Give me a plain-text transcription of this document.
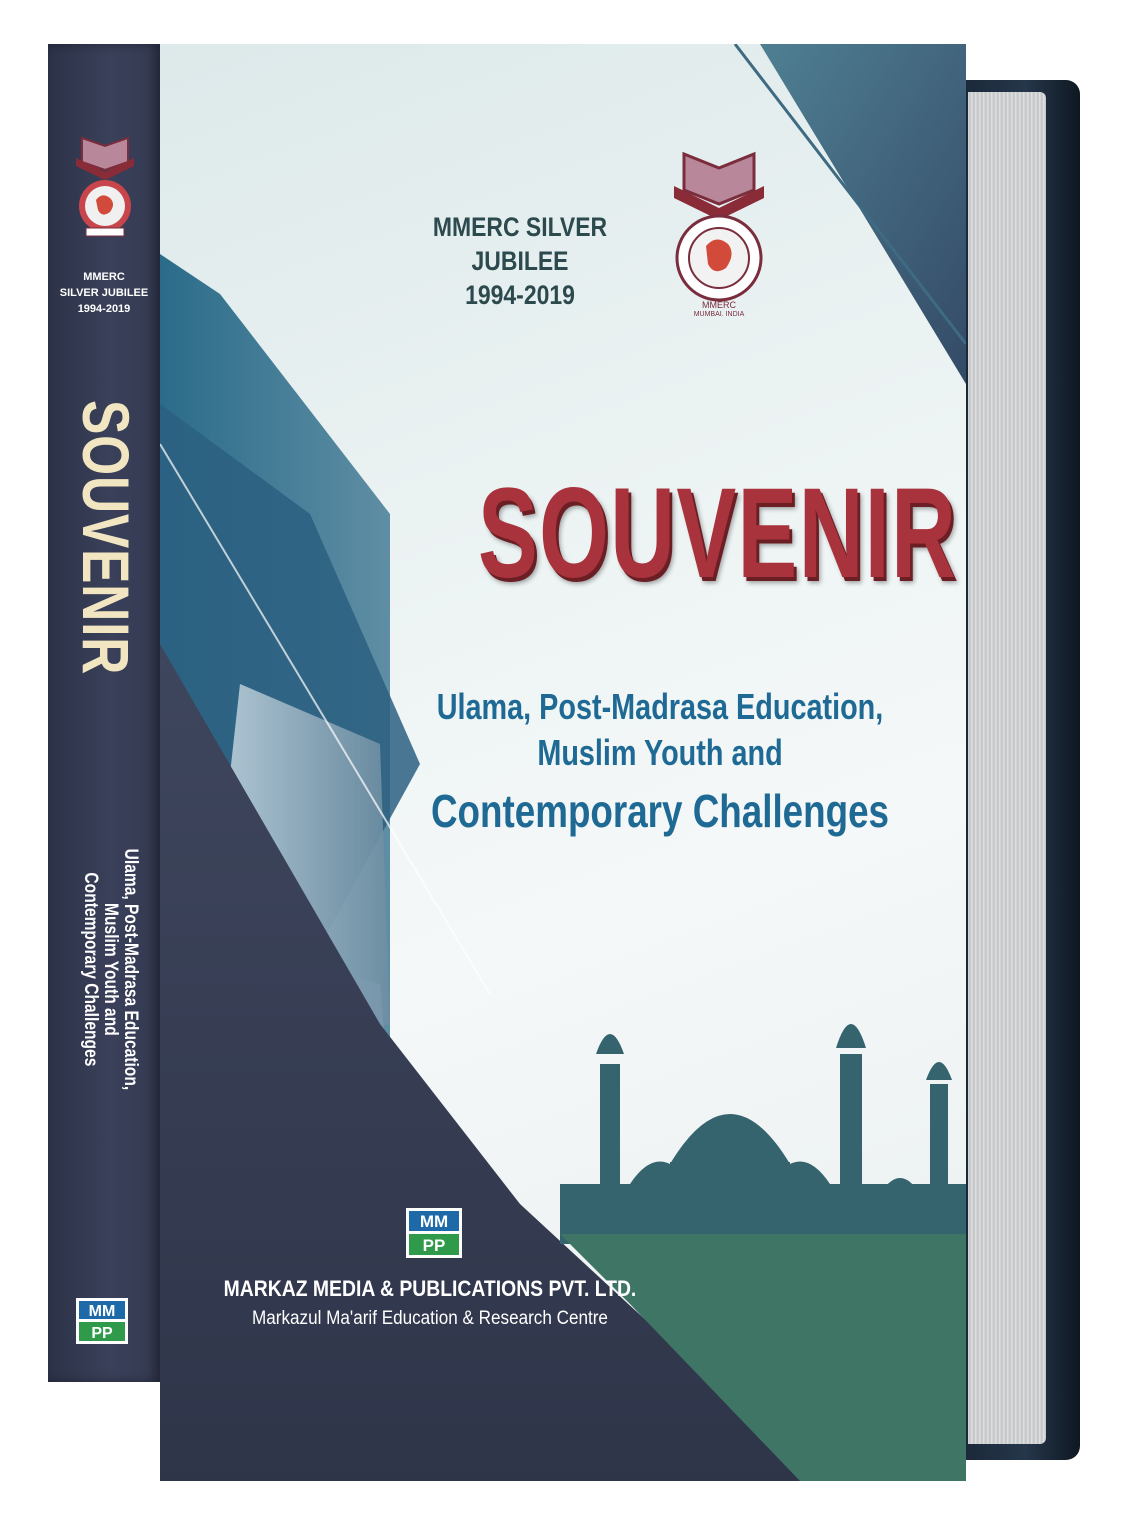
MMERC
SILVER JUBILEE
1994-2019
SOUVENIR
Ulama, Post-Madrasa Education,
Muslim Youth and
Contemporary Challenges
MM
PP
MMERC SILVER JUBILEE
1994-2019	MMERC
MUMBAI, INDIA
SOUVENIR
Ulama, Post-Madrasa Education,
Muslim Youth and
Contemporary Challenges
MM
PP
MARKAZ MEDIA & PUBLICATIONS PVT. LTD.
Markazul Ma'arif Education & Research Centre
